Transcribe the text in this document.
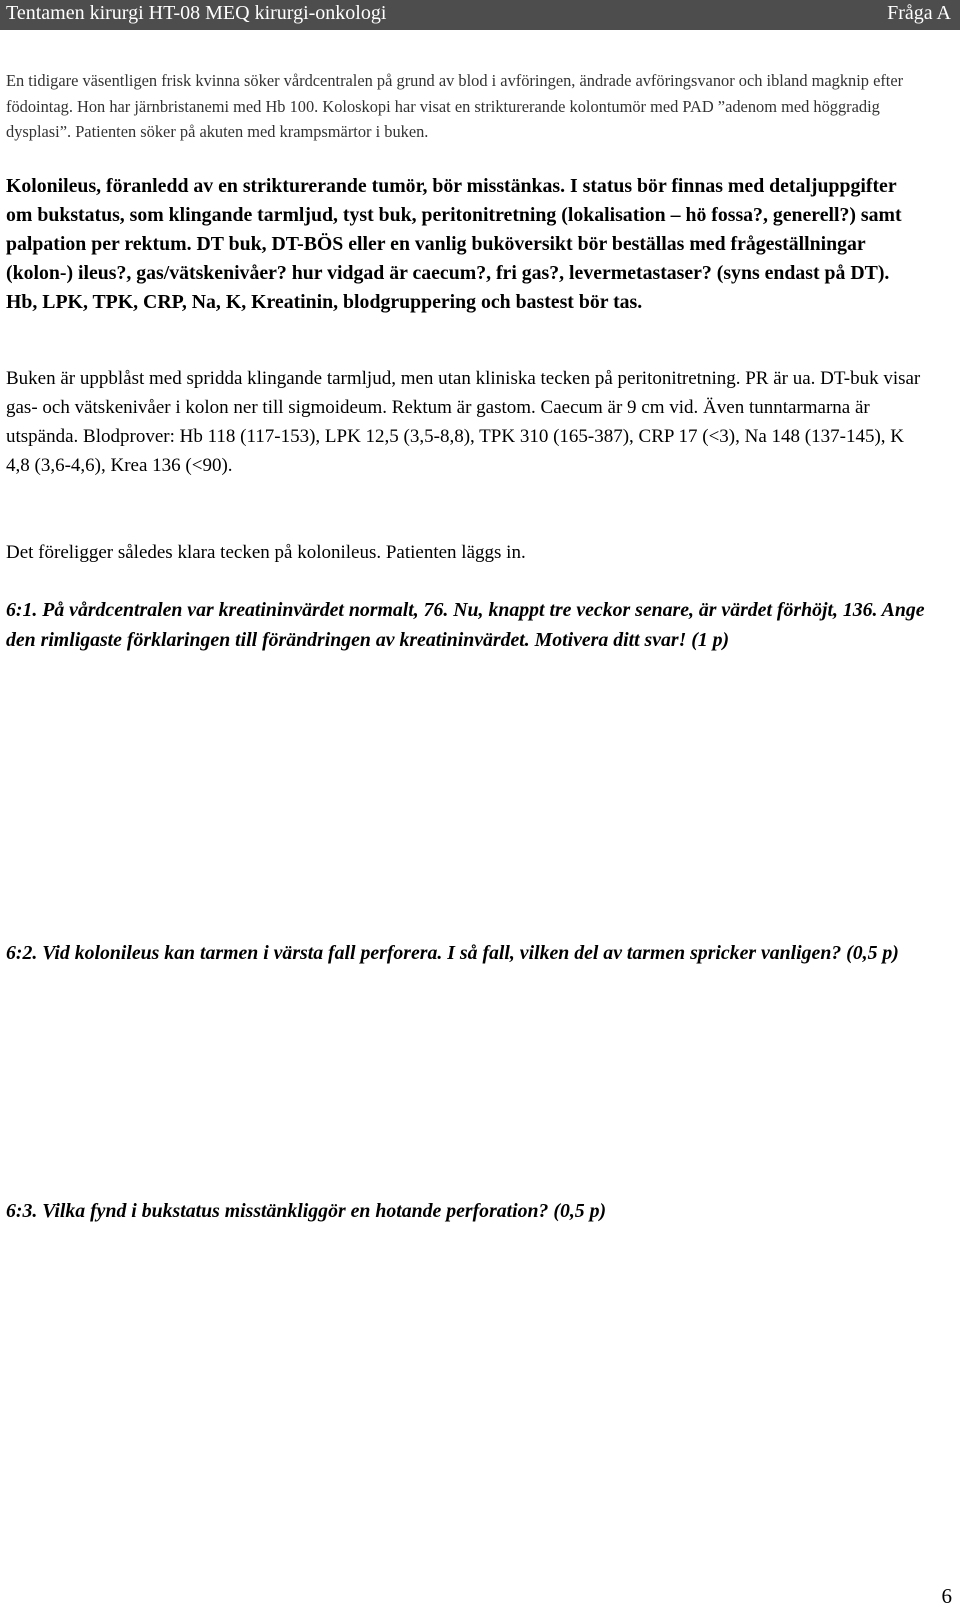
Tentamen kirurgi HT-08 MEQ kirurgi-onkologi	Fråga A

En tidigare väsentligen frisk kvinna söker vårdcentralen på grund av blod i avföringen, ändrade avföringsvanor och ibland magknip efter födointag. Hon har järnbristanemi med Hb 100. Koloskopi har visat en strikturerande kolontumör med PAD ”adenom med höggradig dysplasi”. Patienten söker på akuten med krampsmärtor i buken.

Kolonileus, föranledd av en strikturerande tumör, bör misstänkas. I status bör finnas med detaljuppgifter om bukstatus, som klingande tarmljud, tyst buk, peritonitretning (lokalisation – hö fossa?, generell?) samt palpation per rektum. DT buk, DT-BÖS eller en vanlig buköversikt bör beställas med frågeställningar (kolon-) ileus?, gas/vätskenivåer? hur vidgad är caecum?, fri gas?, levermetastaser? (syns endast på DT). Hb, LPK, TPK, CRP, Na, K, Kreatinin, blodgruppering och bastest bör tas.

Buken är uppblåst med spridda klingande tarmljud, men utan kliniska tecken på peritonitretning. PR är ua. DT-buk visar gas- och vätskenivåer i kolon ner till sigmoideum. Rektum är gastom. Caecum är 9 cm vid. Även tunntarmarna är utspända. Blodprover: Hb 118 (117-153), LPK 12,5 (3,5-8,8), TPK 310 (165-387), CRP 17 (<3), Na 148 (137-145), K 4,8 (3,6-4,6), Krea 136 (<90).

Det föreligger således klara tecken på kolonileus. Patienten läggs in.

6:1. På vårdcentralen var kreatininvärdet normalt, 76. Nu, knappt tre veckor senare, är värdet förhöjt, 136. Ange den rimligaste förklaringen till förändringen av kreatininvärdet. Motivera ditt svar! (1 p)

6:2. Vid kolonileus kan tarmen i värsta fall perforera. I så fall, vilken del av tarmen spricker vanligen? (0,5 p)

6:3. Vilka fynd i bukstatus misstänkliggör en hotande perforation? (0,5 p)

6
